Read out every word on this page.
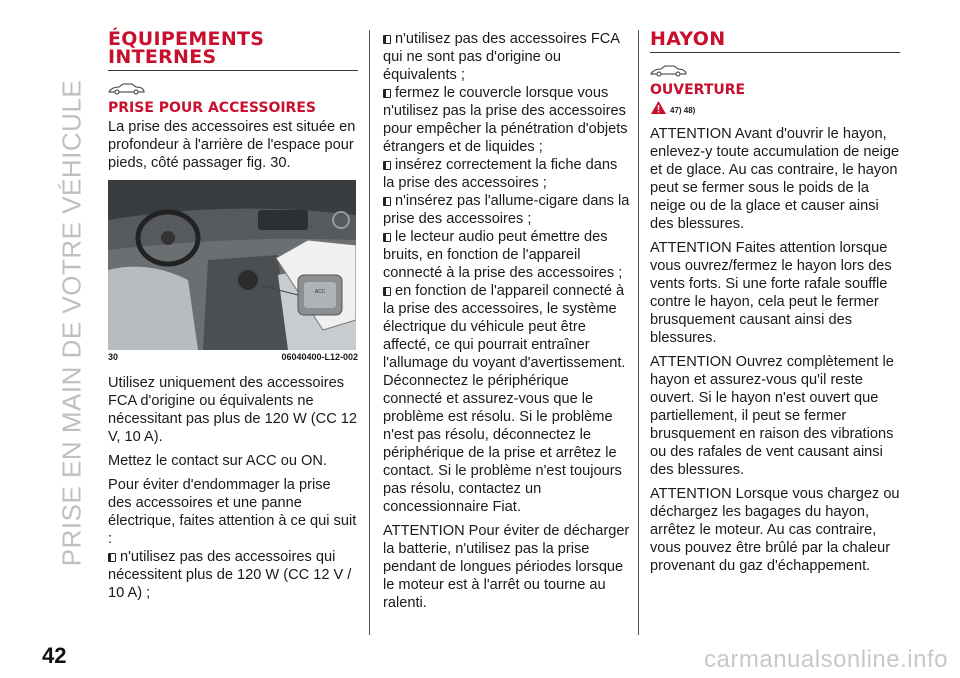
PRISE EN MAIN DE VOTRE VÉHICULE
ÉQUIPEMENTS INTERNES
PRISE POUR ACCESSOIRES

La prise des accessoires est située en profondeur à l'arrière de l'espace pour pieds, côté passager fig. 30.

ACC
30	06040400-L12-002

Utilisez uniquement des accessoires FCA d'origine ou équivalents ne nécessitant pas plus de 120 W (CC 12 V, 10 A).

Mettez le contact sur ACC ou ON.

Pour éviter d'endommager la prise des accessoires et une panne électrique, faites attention à ce qui suit :

n'utilisez pas des accessoires qui nécessitent plus de 120 W (CC 12 V / 10 A) ;

n'utilisez pas des accessoires FCA qui ne sont pas d'origine ou équivalents ;

fermez le couvercle lorsque vous n'utilisez pas la prise des accessoires pour empêcher la pénétration d'objets étrangers et de liquides ;

insérez correctement la fiche dans la prise des accessoires ;

n'insérez pas l'allume-cigare dans la prise des accessoires ;

le lecteur audio peut émettre des bruits, en fonction de l'appareil connecté à la prise des accessoires ;

en fonction de l'appareil connecté à la prise des accessoires, le système électrique du véhicule peut être affecté, ce qui pourrait entraîner l'allumage du voyant d'avertissement. Déconnectez le périphérique connecté et assurez-vous que le problème est résolu. Si le problème n'est pas résolu, déconnectez le périphérique de la prise et arrêtez le contact. Si le problème n'est toujours pas résolu, contactez un concessionnaire Fiat.

ATTENTION Pour éviter de décharger la batterie, n'utilisez pas la prise pendant de longues périodes lorsque le moteur est à l'arrêt ou tourne au ralenti.

HAYON
OUVERTURE
47) 48)

ATTENTION Avant d'ouvrir le hayon, enlevez-y toute accumulation de neige et de glace. Au cas contraire, le hayon peut se fermer sous le poids de la neige ou de la glace et causer ainsi des blessures.

ATTENTION Faites attention lorsque vous ouvrez/fermez le hayon lors des vents forts. Si une forte rafale souffle contre le hayon, cela peut le fermer brusquement causant ainsi des blessures.

ATTENTION Ouvrez complètement le hayon et assurez-vous qu'il reste ouvert. Si le hayon n'est ouvert que partiellement, il peut se fermer brusquement en raison des vibrations ou des rafales de vent causant ainsi des blessures.

ATTENTION Lorsque vous chargez ou déchargez les bagages du hayon, arrêtez le moteur. Au cas contraire, vous pouvez être brûlé par la chaleur provenant du gaz d'échappement.

42	carmanualsonline.info
